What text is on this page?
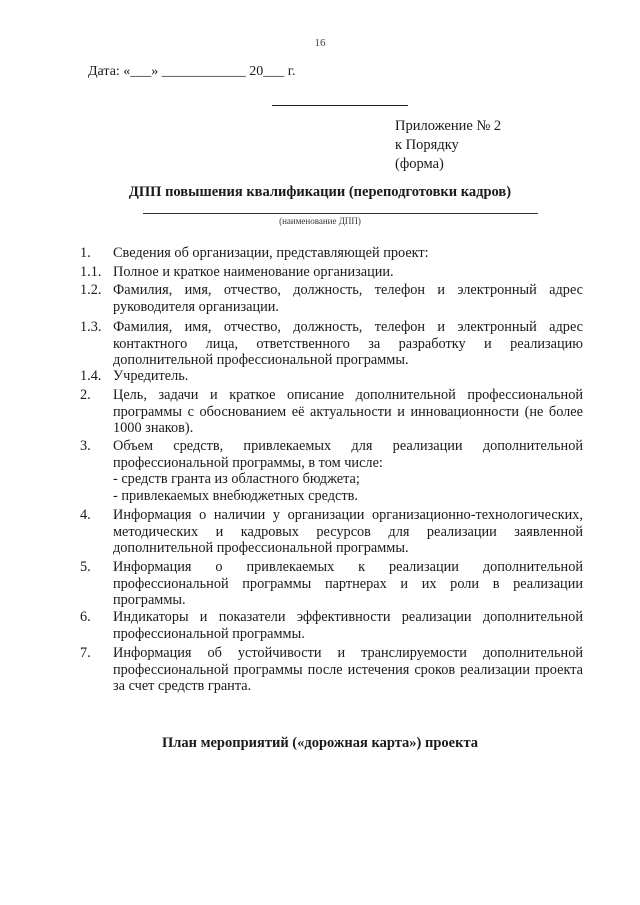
16
Дата: «___» ____________ 20___ г.
Приложение № 2
к Порядку
(форма)
ДПП повышения квалификации (переподготовки кадров)
(наименование ДПП)
1.	Сведения об организации, представляющей проект:
1.1. Полное и краткое наименование организации.
1.2. Фамилия, имя, отчество, должность, телефон и электронный адрес руководителя организации.
1.3. Фамилия, имя, отчество, должность, телефон и электронный адрес контактного лица, ответственного за разработку и реализацию дополнительной профессиональной программы.
1.4. Учредитель.
2.	Цель, задачи и краткое описание дополнительной профессиональной программы с обоснованием её актуальности и инновационности (не более 1000 знаков).
3.	Объем средств, привлекаемых для реализации дополнительной профессиональной программы, в том числе:
- средств гранта из областного бюджета;
- привлекаемых внебюджетных средств.
4.	Информация о наличии у организации организационно-технологических, методических и кадровых ресурсов для реализации заявленной дополнительной профессиональной программы.
5.	Информация о привлекаемых к реализации дополнительной профессиональной программы партнерах и их роли в реализации программы.
6.	Индикаторы и показатели эффективности реализации дополнительной профессиональной программы.
7.	Информация об устойчивости и транслируемости дополнительной профессиональной программы после истечения сроков реализации проекта за счет средств гранта.
План мероприятий («дорожная карта») проекта
